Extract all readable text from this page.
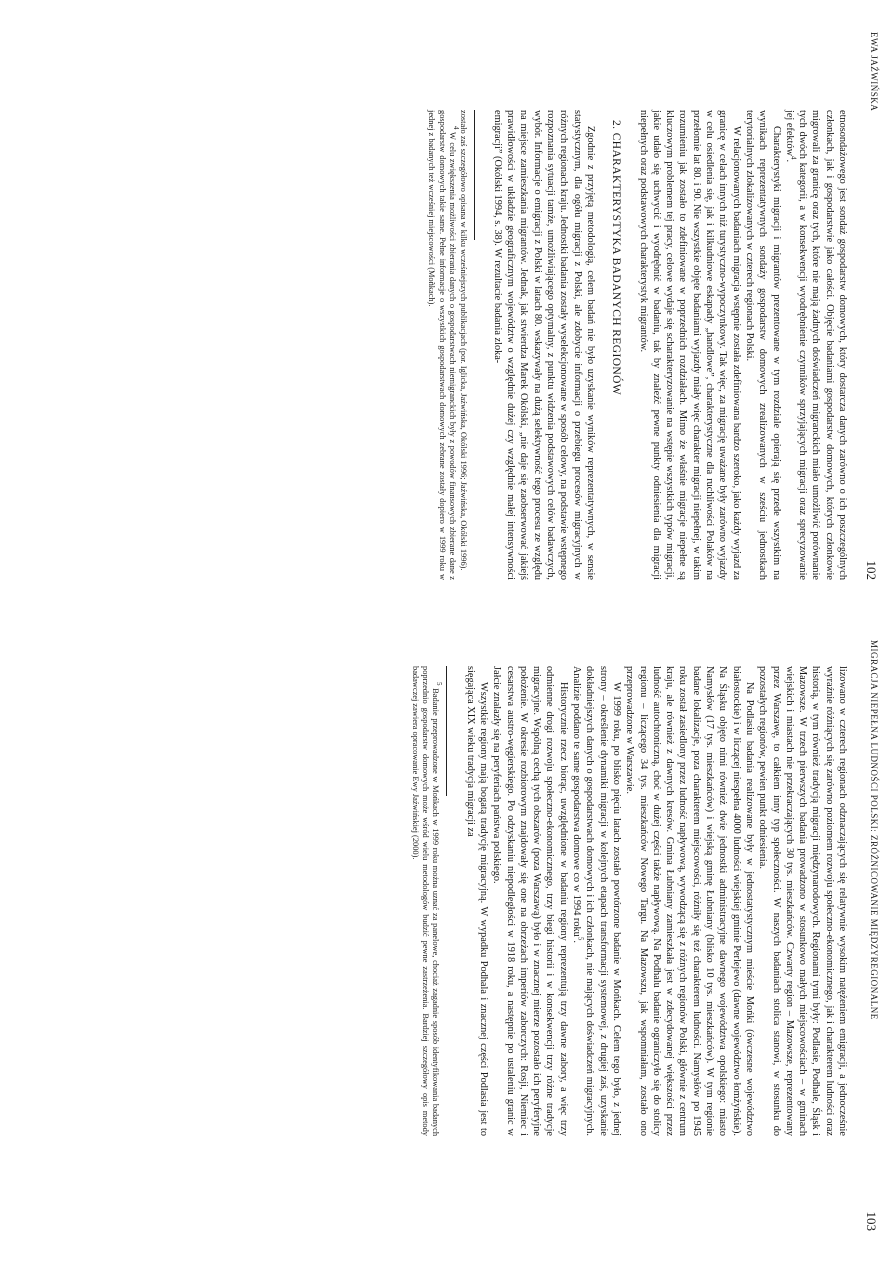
EWA JAŹWIŃSKA
102

etnosondażowego jest sondaż gospodarstw domowych, który dostarcza danych zarówno o ich poszczególnych członkach, jak i gospodarstwie jako całości. Objęcie badaniami gospodarstw domowych, których członkowie migrowali za granicę oraz tych, które nie mają żadnych doświadczeń migranckich miało umożliwić porównanie tych dwóch kategorii, a w konsekwencji wyodrębnienie czynników sprzyjających migracji oraz sprecyzowanie jej efektów$^4$.

Charakterystyki migracji i migrantów prezentowane w tym rozdziale opierają się przede wszystkim na wynikach reprezentatywnych sondaży gospodarstw domowych zrealizowanych w sześciu jednostkach terytorialnych zlokalizowanych w czterech regionach Polski.

W relacjonowanych badaniach migracja wstępnie została zdefiniowana bardzo szeroko, jako każdy wyjazd za granicę w celach innych niż turystyczno-wypoczynkowy. Tak więc, za migrację uważane były zarówno wyjazdy w celu osiedlenia się, jak i kilkudniowe eskapady „handlowe”, charakterystyczne dla ruchliwości Polaków na przełomie lat 80. i 90. Nie wszystkie objęte badaniami wyjazdy miały więc charakter migracji niepełnej, w takim rozumieniu jak zostało to zdefiniowane w poprzednich rozdziałach. Mimo że właśnie migracje niepełne są kluczowym problemem tej pracy, celowe wydaje się scharakteryzowanie na wstępie wszystkich typów migracji, jakie udało się uchwycić i wyodrębnić w badaniu, tak by znaleźć pewne punkty odniesienia dla migracji niepełnych oraz podstawowych charakterystyk migrantów.

2. CHARAKTERYSTYKA BADANYCH REGIONÓW

Zgodnie z przyjętą metodologią, celem badań nie było uzyskanie wyników reprezentatywnych, w sensie statystycznym, dla ogółu migracji z Polski, ale zdobycie informacji o przebiegu procesów migracyjnych w różnych regionach kraju. Jednostki badania zostały wyselekcjonowane w sposób celowy, na podstawie wstępnego rozpoznania sytuacji tamże, umożliwiającego optymalny, z punktu widzenia podstawowych celów badawczych, wybór. Informacje o emigracji z Polski w latach 80. wskazywały na dużą selektywność tego procesu ze względu na miejsce zamieszkania migrantów. Jednak, jak stwierdza Marek Okólski, „nie daje się zaobserwować jakiejś prawidłowości w układzie geograficznym województw o względnie dużej czy względnie małej intensywności emigracji” (Okólski 1994, s. 38). W rezultacie badania zloka-

zostało zaś szczegółowo opisana w kilku wcześniejszych publikacjach (por. Iglicka, Jaźwińska, Okólski 1996; Jaźwińska, Okólski 1996).

$^4$ W celu zwiększenia możliwości zbierania danych o gospodarstwach niemigranckich były z powodów finansowych zbierane dane z gospodarstw domowych takie same. Pełne informacje o wszystkich gospodarstwach domowych zebrane zostały dopiero w 1999 roku w jednej z badanych też wcześniej miejscowości (Moñkach).

MIGRACJA NIEPEŁNA LUDNOŚCI POLSKI: ZRÓŻNICOWANIE MIĘDZYREGIONALNE
103

lizowano w czterech regionach odznaczających się relatywnie wysokim natężeniem emigracji, a jednocześnie wyraźnie różniących się zarówno poziomem rozwoju społeczno-ekonomicznego, jak i charakterem ludności oraz historią, w tym również tradycją migracji międzynarodowych. Regionami tymi były: Podlasie, Podhale, Śląsk i Mazowsze. W trzech pierwszych badania prowadzono w stosunkowo małych miejscowościach – w gminach wiejskich i miastach nie przekraczających 30 tys. mieszkańców. Czwarty region – Mazowsze, reprezentowany przez Warszawę, to całkiem inny typ społeczności. W naszych badaniach stolica stanowi, w stosunku do pozostałych regionów, pewien punkt odniesienia.

Na Podlasiu badania realizowane były w jednostatystycznym mieście Mońki (ówczesne województwo białostockie) i w liczącej niespełna 4000 ludności wiejskiej gminie Perlejewo (dawne województwo łomżyńskie). Na Śląsku objęto nimi również dwie jednostki administracyjne dawnego województwa opolskiego: miasto Namysłów (17 tys. mieszkańców) i wiejską gminę Łubniany (blisko 10 tys. mieszkańców). W tym regionie badane lokalizacje, poza charakterem miejscowości, różniły się też charakterem ludności. Namysłów po 1945 roku został zasiedlony przez ludność napływową, wywodzącą się z różnych regionów Polski, głównie z centrum kraju, ale również z dawnych kresów. Gmina Łubniany zamieszkała jest w zdecydowanej większości przez ludność autochtoniczną, choć w dużej części także napływową. Na Podhalu badanie ograniczyło się do stolicy regionu – liczącego 34 tys. mieszkańców Nowego Targu. Na Mazowszu, jak wspomniałam, zostało ono przeprowadzone w Warszawie.

W 1999 roku, po blisko pięciu latach zostało powtórzone badanie w Mońkach. Celem tego było, z jednej strony – określenie dynamiki migracji w kolejnych etapach transformacji systemowej, z drugiej zaś, uzyskanie dokładniejszych danych o gospodarstwach domowych i ich członkach, nie mających doświadczeń migracyjnych. Analizie poddano te same gospodarstwa domowe co w 1994 roku$^5$.

Historycznie rzecz biorąc, uwzględnione w badaniu regiony reprezentują trzy dawne zabory, a więc trzy odmienne drogi rozwoju społeczno-ekonomicznego, trzy biegi historii i w konsekwencji trzy różne tradycje migracyjne. Wspólną cechą tych obszarów (poza Warszawą) było i w znacznej mierze pozostało ich peryferyjne położenie. W okresie rozbiorowym znajdowały się one na obrzeżach imperiów zaborczych: Rosji, Niemiec i cesarstwa austro-węgierskiego. Po odzyskaniu niepodległości w 1918 roku, a następnie po ustaleniu granic w Jałcie znalazły się na peryferiach państwa polskiego.

Wszystkie regiony mają bogatą tradycję migracyjną. W wypadku Podhala i znacznej części Podlasia jest to sięgająca XIX wieku tradycja migracji za

$^5$ Badanie przeprowadzone w Mońkach w 1999 roku można uznać za panelowe, chociaż zagadnie sposób identyfikowania badanych poprzednio gospodarstw domowych może wśród wielu metodologów budzić pewne zastrzeżenia. Bardziej szczegółowy opis metody badawczej zawiera opracowanie Ewy Jaźwińskiej (2000).
